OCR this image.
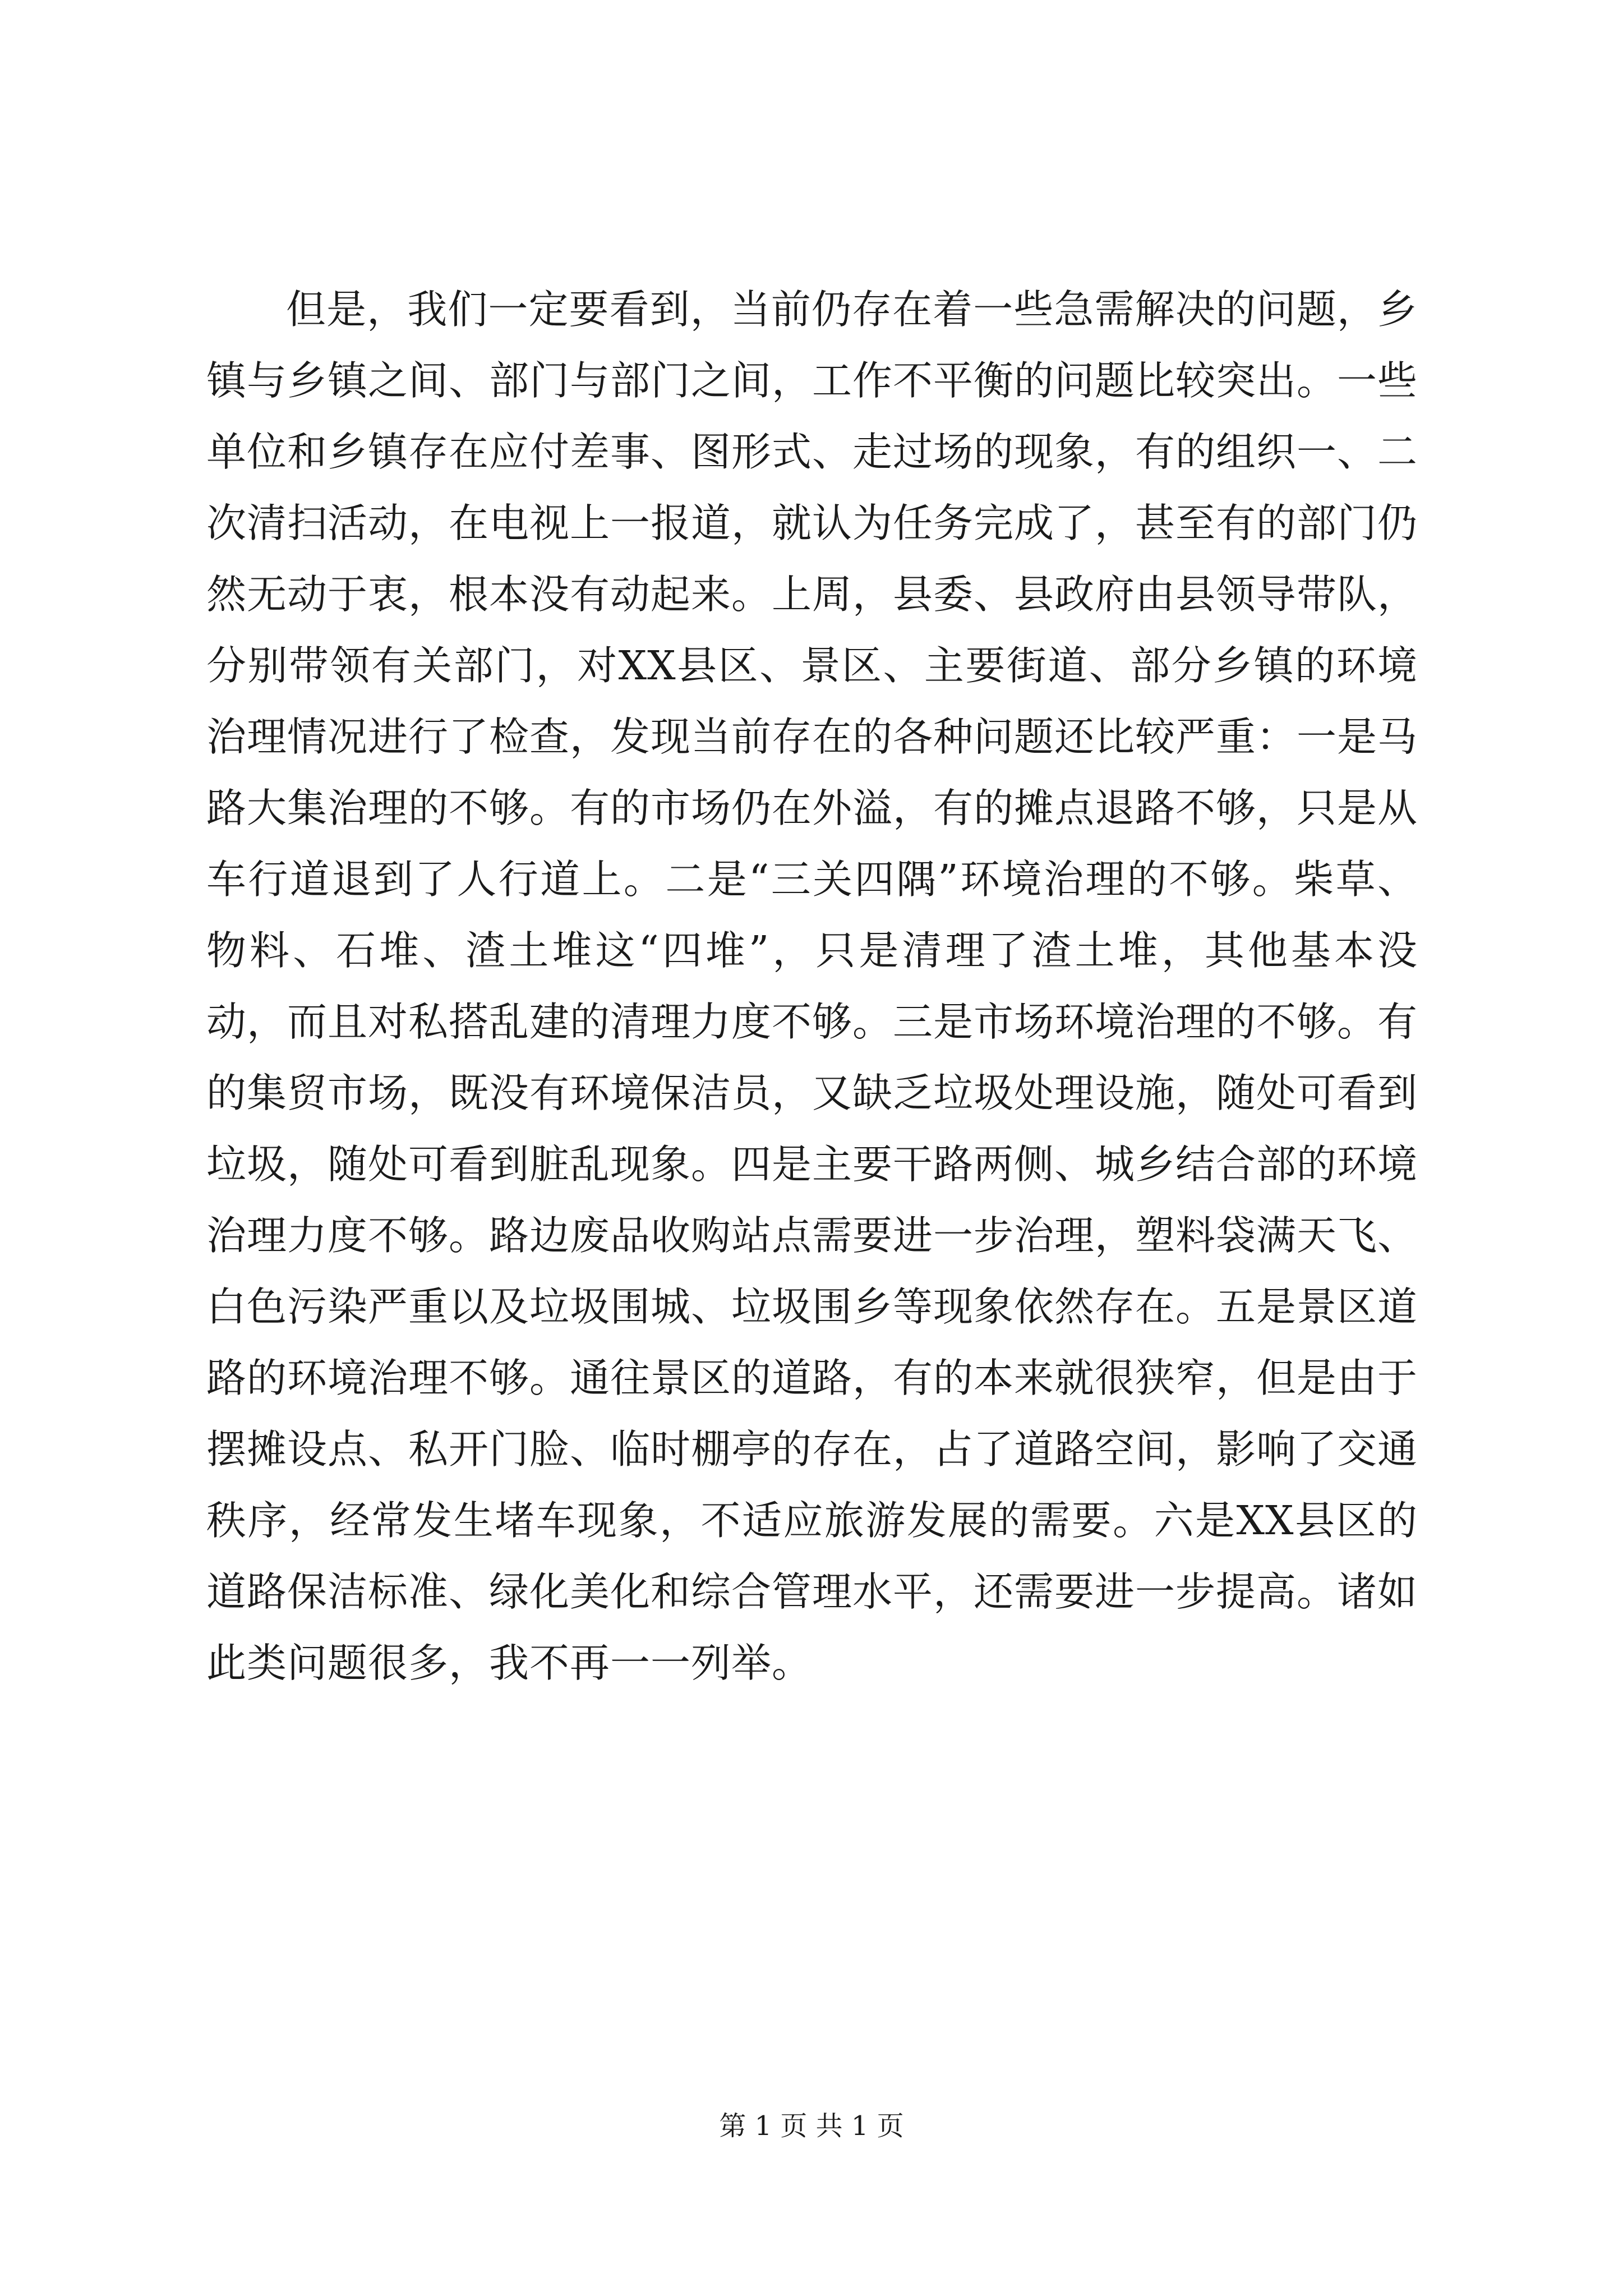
但是，我们一定要看到，当前仍存在着一些急需解决的问题，乡镇与乡镇之间、部门与部门之间，工作不平衡的问题比较突出。一些单位和乡镇存在应付差事、图形式、走过场的现象，有的组织一、二次清扫活动，在电视上一报道，就认为任务完成了，甚至有的部门仍然无动于衷，根本没有动起来。上周，县委、县政府由县领导带队，分别带领有关部门，对XX县区、景区、主要街道、部分乡镇的环境治理情况进行了检查，发现当前存在的各种问题还比较严重：一是马路大集治理的不够。有的市场仍在外溢，有的摊点退路不够，只是从车行道退到了人行道上。二是“三关四隅”环境治理的不够。柴草、物料、石堆、渣土堆这“四堆”，只是清理了渣土堆，其他基本没动，而且对私搭乱建的清理力度不够。三是市场环境治理的不够。有的集贸市场，既没有环境保洁员，又缺乏垃圾处理设施，随处可看到垃圾，随处可看到脏乱现象。四是主要干路两侧、城乡结合部的环境治理力度不够。路边废品收购站点需要进一步治理，塑料袋满天飞、白色污染严重以及垃圾围城、垃圾围乡等现象依然存在。五是景区道路的环境治理不够。通往景区的道路，有的本来就很狭窄，但是由于摆摊设点、私开门脸、临时棚亭的存在，占了道路空间，影响了交通秩序，经常发生堵车现象，不适应旅游发展的需要。六是XX县区的道路保洁标准、绿化美化和综合管理水平，还需要进一步提高。诸如此类问题很多，我不再一一列举。

第 1 页 共 1 页
